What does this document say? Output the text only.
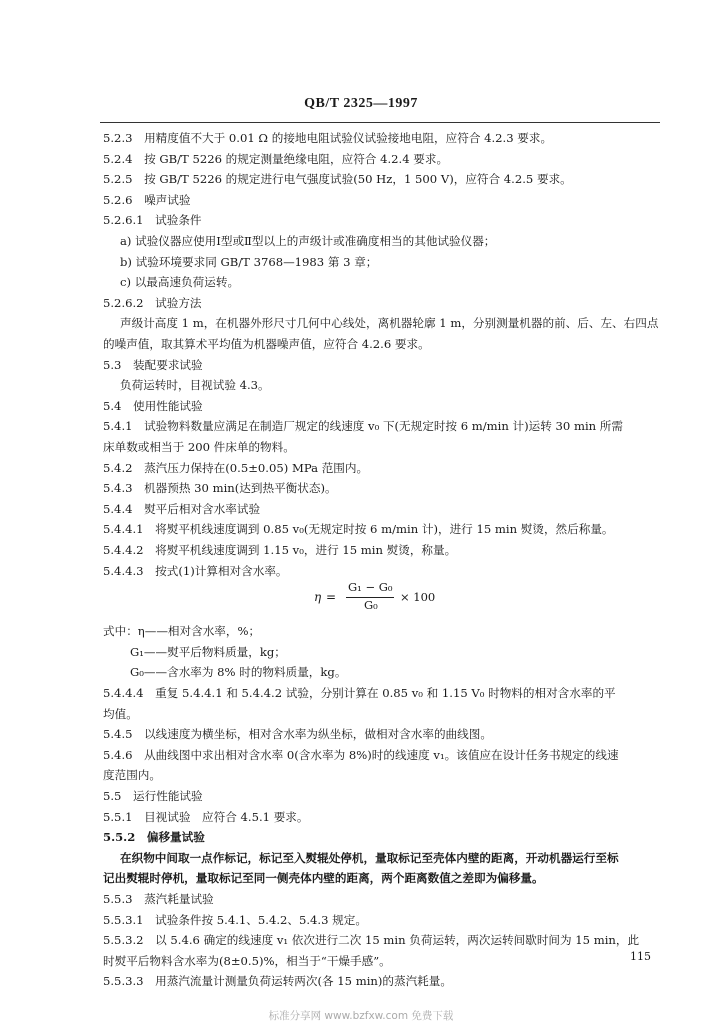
QB/T 2325—1997
5.2.3　用精度值不大于 0.01 Ω 的接地电阻试验仪试验接地电阻，应符合 4.2.3 要求。
5.2.4　按 GB/T 5226 的规定测量绝缘电阻，应符合 4.2.4 要求。
5.2.5　按 GB/T 5226 的规定进行电气强度试验(50 Hz，1 500 V)，应符合 4.2.5 要求。
5.2.6　噪声试验
5.2.6.1　试验条件
a) 试验仪器应使用Ⅰ型或Ⅱ型以上的声级计或准确度相当的其他试验仪器；
b) 试验环境要求同 GB/T 3768—1983 第 3 章；
c) 以最高速负荷运转。
5.2.6.2　试验方法
声级计高度 1 m，在机器外形尺寸几何中心线处，离机器轮廓 1 m，分别测量机器的前、后、左、右四点
的噪声值，取其算术平均值为机器噪声值，应符合 4.2.6 要求。
5.3　装配要求试验
负荷运转时，目视试验 4.3。
5.4　使用性能试验
5.4.1　试验物料数量应满足在制造厂规定的线速度 v₀ 下(无规定时按 6 m/min 计)运转 30 min 所需
床单数或相当于 200 件床单的物料。
5.4.2　蒸汽压力保持在(0.5±0.05) MPa 范围内。
5.4.3　机器预热 30 min(达到热平衡状态)。
5.4.4　熨平后相对含水率试验
5.4.4.1　将熨平机线速度调到 0.85 v₀(无规定时按 6 m/min 计)，进行 15 min 熨烫，然后称量。
5.4.4.2　将熨平机线速度调到 1.15 v₀，进行 15 min 熨烫，称量。
5.4.4.3　按式(1)计算相对含水率。
η =
G₁ − G₀
G₀
× 100
式中：η——相对含水率，%；
G₁——熨平后物料质量，kg；
G₀——含水率为 8% 时的物料质量，kg。
5.4.4.4　重复 5.4.4.1 和 5.4.4.2 试验，分别计算在 0.85 v₀ 和 1.15 V₀ 时物料的相对含水率的平
均值。
5.4.5　以线速度为横坐标，相对含水率为纵坐标，做相对含水率的曲线图。
5.4.6　从曲线图中求出相对含水率 0(含水率为 8%)时的线速度 v₁。该值应在设计任务书规定的线速
度范围内。
5.5　运行性能试验
5.5.1　目视试验　应符合 4.5.1 要求。
5.5.2　偏移量试验
在织物中间取一点作标记，标记至入熨辊处停机，量取标记至壳体内壁的距离，开动机器运行至标
记出熨辊时停机，量取标记至同一侧壳体内壁的距离，两个距离数值之差即为偏移量。
5.5.3　蒸汽耗量试验
5.5.3.1　试验条件按 5.4.1、5.4.2、5.4.3 规定。
5.5.3.2　以 5.4.6 确定的线速度 v₁ 依次进行二次 15 min 负荷运转，两次运转间歇时间为 15 min，此
115
标准分享网 www.bzfxw.com 免费下载
时熨平后物料含水率为(8±0.5)%，相当于“干燥手感”。
5.5.3.3　用蒸汽流量计测量负荷运转两次(各 15 min)的蒸汽耗量。
